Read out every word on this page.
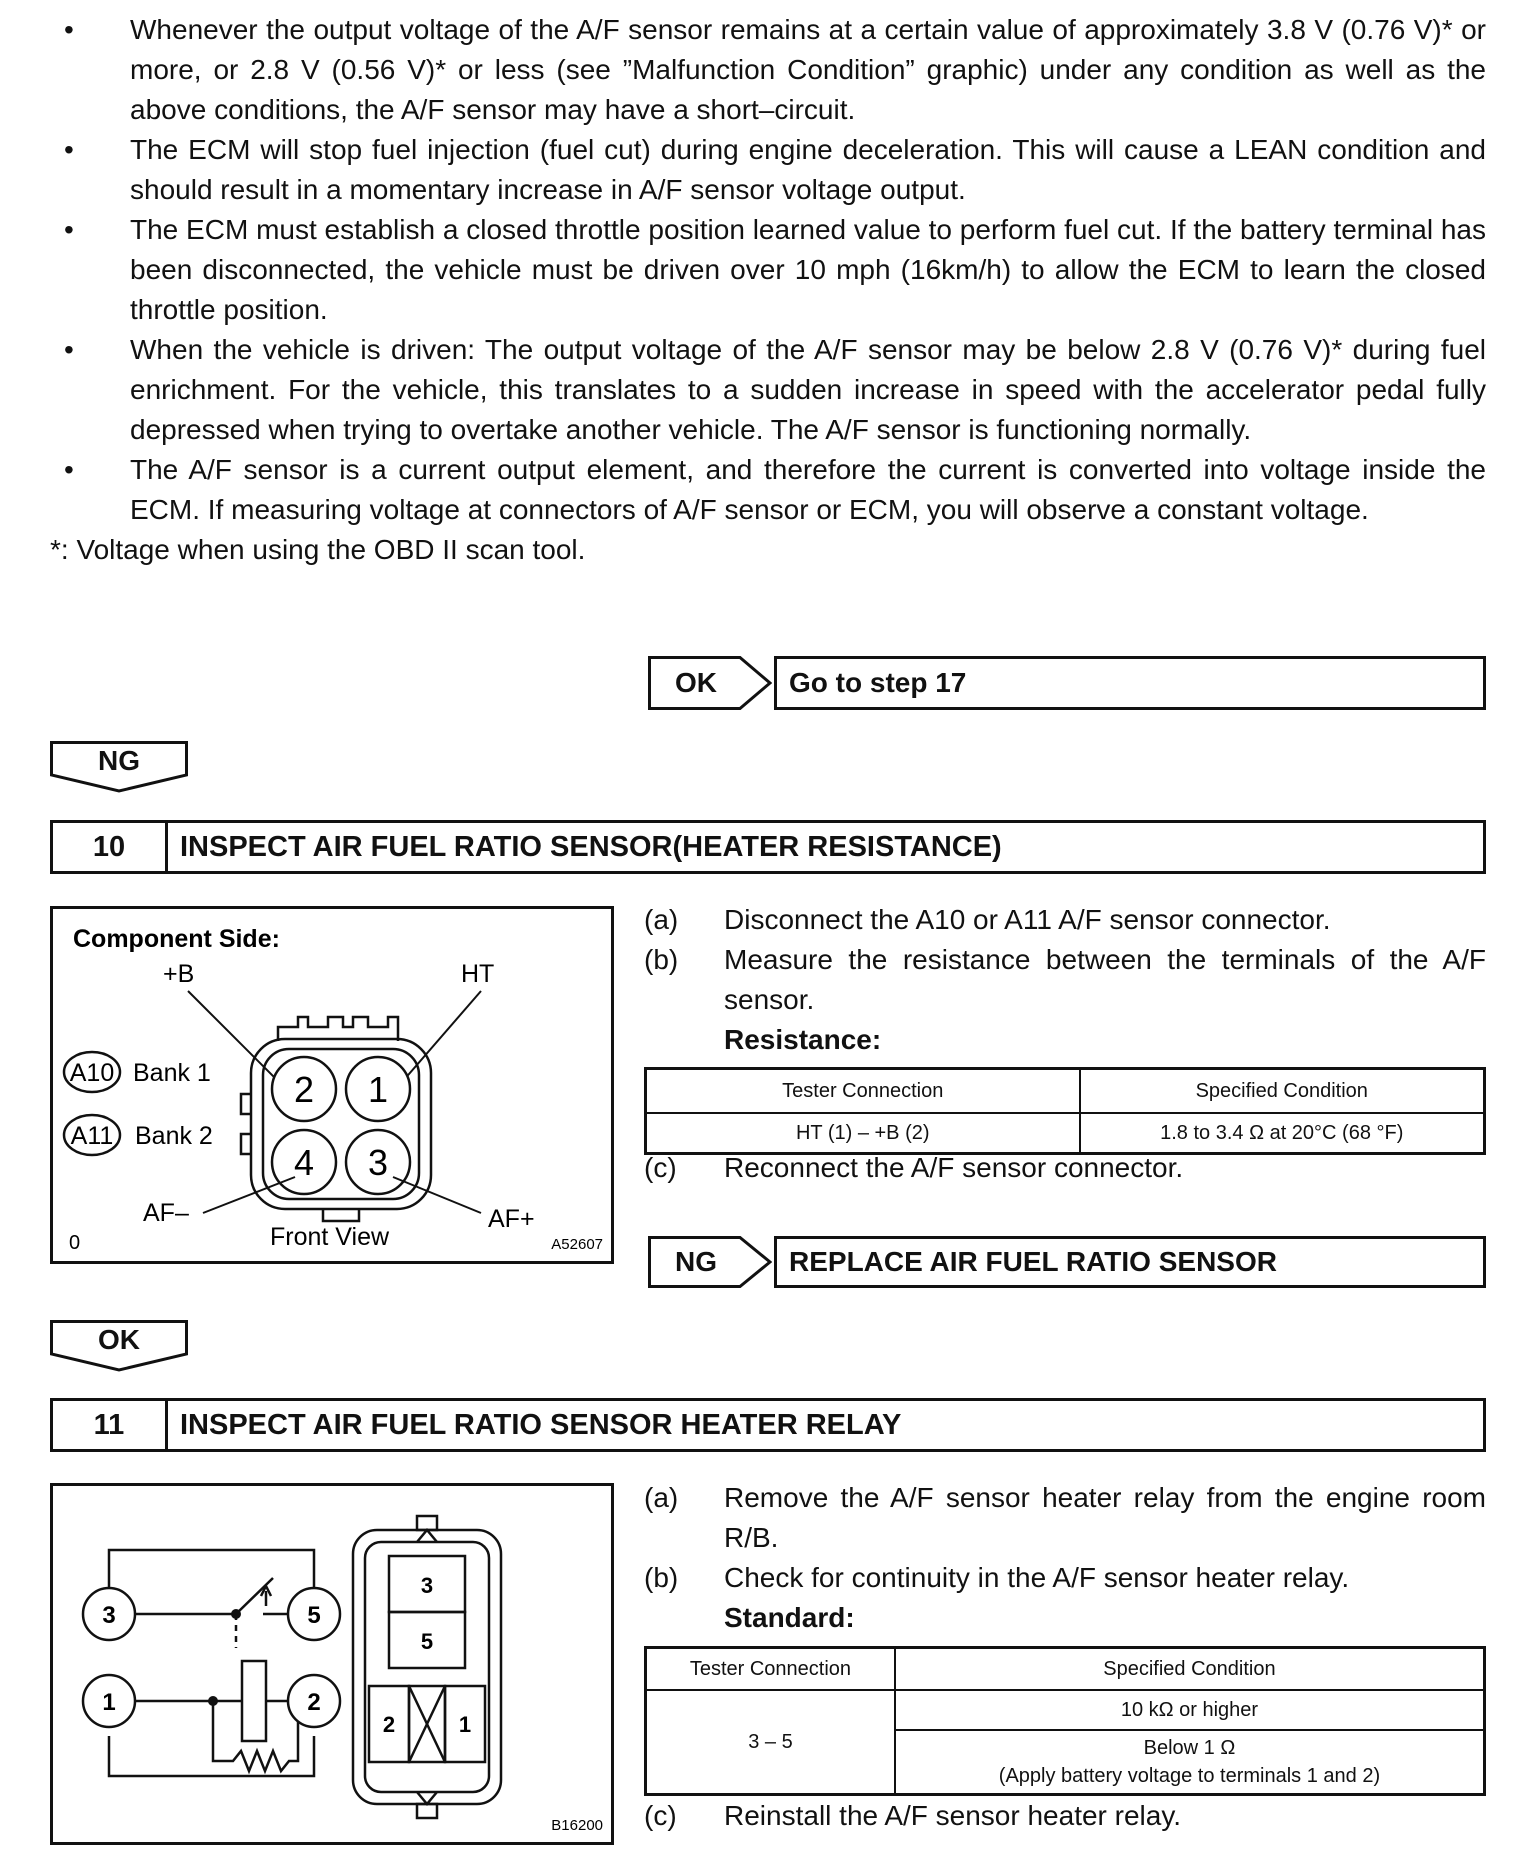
• Whenever the output voltage of the A/F sensor remains at a certain value of approximately 3.8 V (0.76 V)* or more, or 2.8 V (0.56 V)* or less (see ”Malfunction Condition” graphic) under any condition as well as the above conditions, the A/F sensor may have a short–circuit.
• The ECM will stop fuel injection (fuel cut) during engine deceleration. This will cause a LEAN condition and should result in a momentary increase in A/F sensor voltage output.
• The ECM must establish a closed throttle position learned value to perform fuel cut. If the battery terminal has been disconnected, the vehicle must be driven over 10 mph (16km/h) to allow the ECM to learn the closed throttle position.
• When the vehicle is driven: The output voltage of the A/F sensor may be below 2.8 V (0.76 V)* during fuel enrichment. For the vehicle, this translates to a sudden increase in speed with the accelerator pedal fully depressed when trying to overtake another vehicle. The A/F sensor is functioning normally.
• The A/F sensor is a current output element, and therefore the current is converted into voltage inside the ECM. If measuring voltage at connectors of A/F sensor or ECM, you will observe a constant voltage.
*: Voltage when using the OBD II scan tool.
OK	Go to step 17
NG
10	INSPECT AIR FUEL RATIO SENSOR(HEATER RESISTANCE)
Component Side:
+B	HT
2 1
4 3
A10 Bank 1
A11 Bank 2
AF–	AF+
Front View
0	A52607
(a)	Disconnect the A10 or A11 A/F sensor connector.
(b)	Measure the resistance between the terminals of the A/F sensor.
Resistance:
Tester Connection	Specified Condition
HT (1) – +B (2)	1.8 to 3.4 Ω at 20°C (68 °F)
(c)	Reconnect the A/F sensor connector.
NG	REPLACE AIR FUEL RATIO SENSOR
OK
11	INSPECT AIR FUEL RATIO SENSOR HEATER RELAY
3	5
1	2
3
5
2	1
B16200
(a)	Remove the A/F sensor heater relay from the engine room R/B.
(b)	Check for continuity in the A/F sensor heater relay.
Standard:
Tester Connection	Specified Condition
3 – 5	10 kΩ or higher

	Below 1 Ω
(Apply battery voltage to terminals 1 and 2)
(c)	Reinstall the A/F sensor heater relay.
